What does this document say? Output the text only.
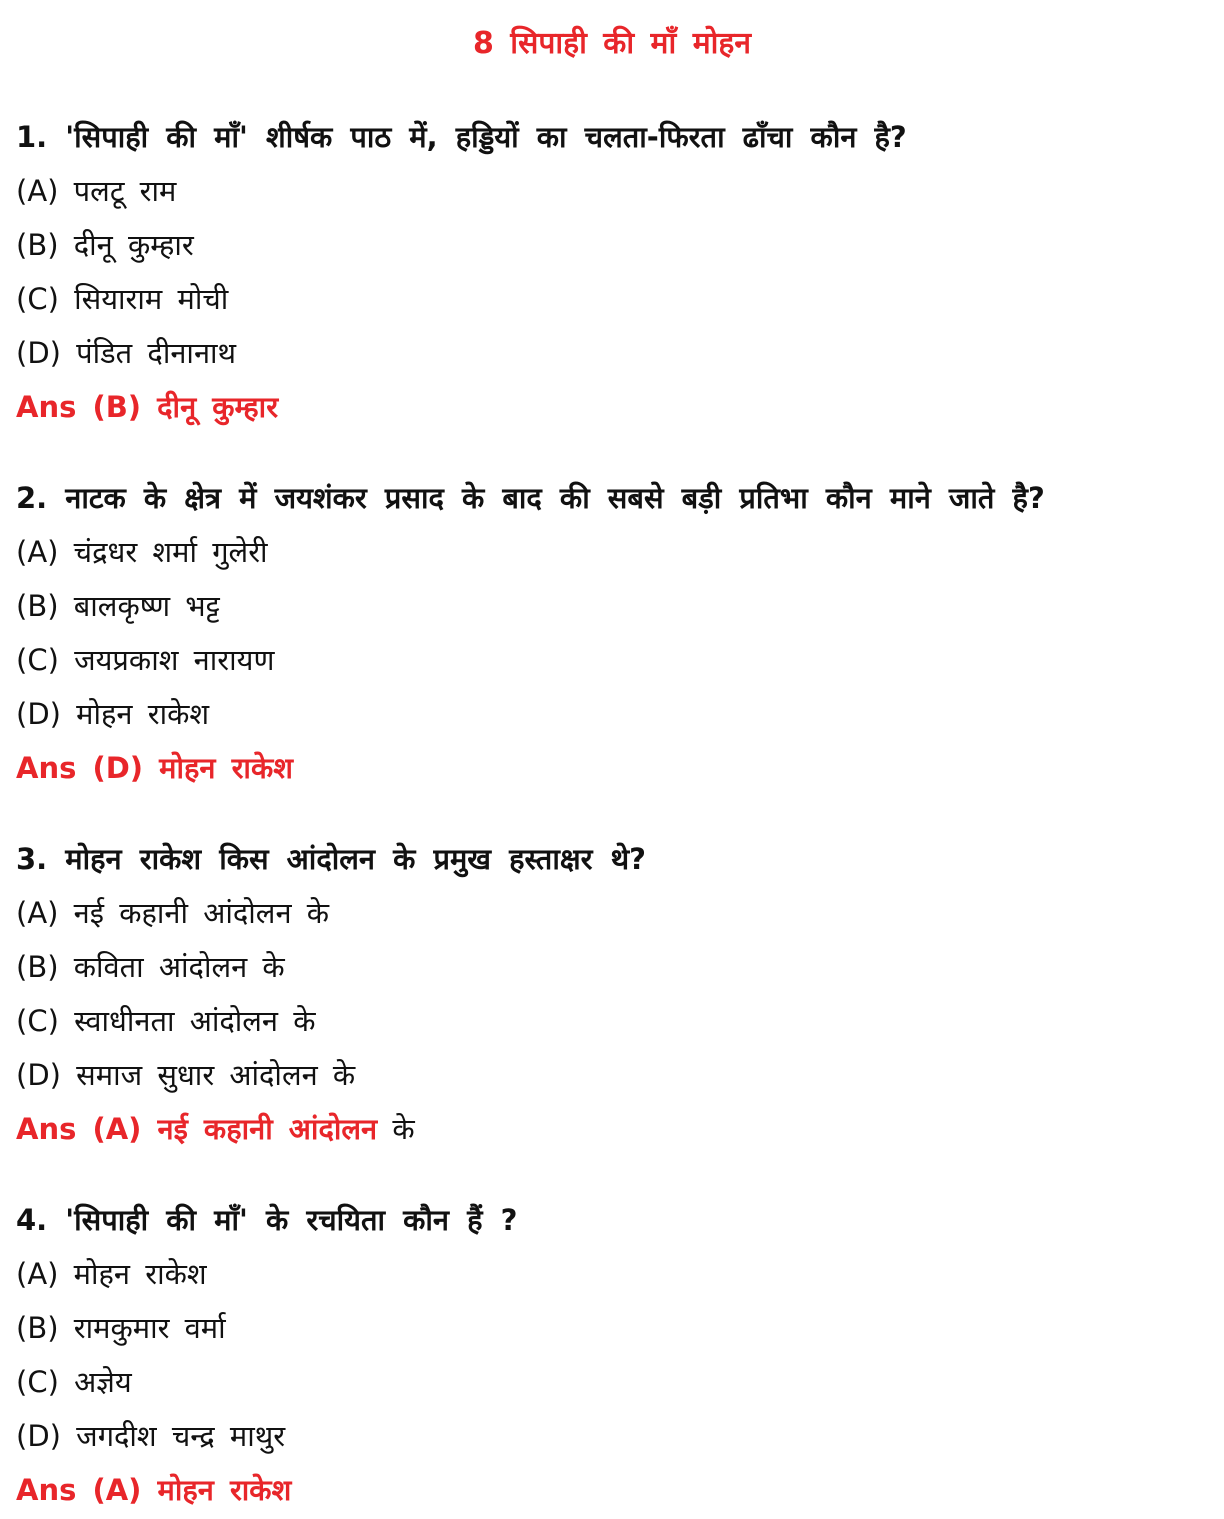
8 सिपाही की माँ मोहन
1. 'सिपाही की माँ' शीर्षक पाठ में, हड्डियों का चलता-फिरता ढाँचा कौन है?
(A) पलटू राम
(B) दीनू कुम्हार
(C) सियाराम मोची
(D) पंडित दीनानाथ
Ans (B) दीनू कुम्हार
2. नाटक के क्षेत्र में जयशंकर प्रसाद के बाद की सबसे बड़ी प्रतिभा कौन माने जाते है?
(A) चंद्रधर शर्मा गुलेरी
(B) बालकृष्ण भट्ट
(C) जयप्रकाश नारायण
(D) मोहन राकेश
Ans (D) मोहन राकेश
3. मोहन राकेश किस आंदोलन के प्रमुख हस्ताक्षर थे?
(A) नई कहानी आंदोलन के
(B) कविता आंदोलन के
(C) स्वाधीनता आंदोलन के
(D) समाज सुधार आंदोलन के
Ans (A) नई कहानी आंदोलन के
4. 'सिपाही की माँ' के रचयिता कौन हैं ?
(A) मोहन राकेश
(B) रामकुमार वर्मा
(C) अज्ञेय
(D) जगदीश चन्द्र माथुर
Ans (A) मोहन राकेश
